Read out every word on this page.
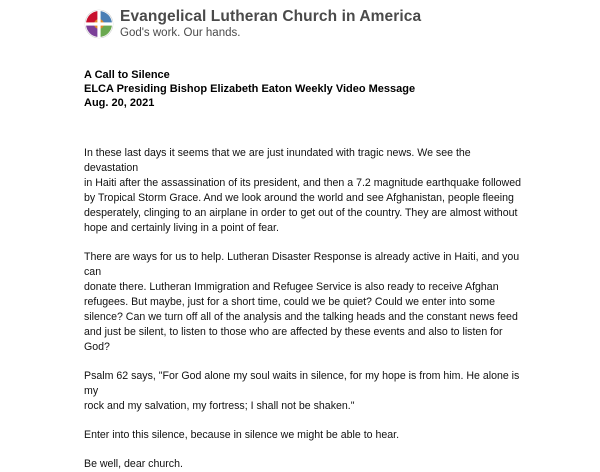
Evangelical Lutheran Church in America
God's work. Our hands.
A Call to Silence
ELCA Presiding Bishop Elizabeth Eaton Weekly Video Message
Aug. 20, 2021

In these last days it seems that we are just inundated with tragic news. We see the devastation
in Haiti after the assassination of its president, and then a 7.2 magnitude earthquake followed
by Tropical Storm Grace. And we look around the world and see Afghanistan, people fleeing
desperately, clinging to an airplane in order to get out of the country. They are almost without
hope and certainly living in a point of fear.

There are ways for us to help. Lutheran Disaster Response is already active in Haiti, and you can
donate there. Lutheran Immigration and Refugee Service is also ready to receive Afghan
refugees. But maybe, just for a short time, could we be quiet? Could we enter into some
silence? Can we turn off all of the analysis and the talking heads and the constant news feed
and just be silent, to listen to those who are affected by these events and also to listen for God?

Psalm 62 says, "For God alone my soul waits in silence, for my hope is from him. He alone is my
rock and my salvation, my fortress; I shall not be shaken."

Enter into this silence, because in silence we might be able to hear.

Be well, dear church.
